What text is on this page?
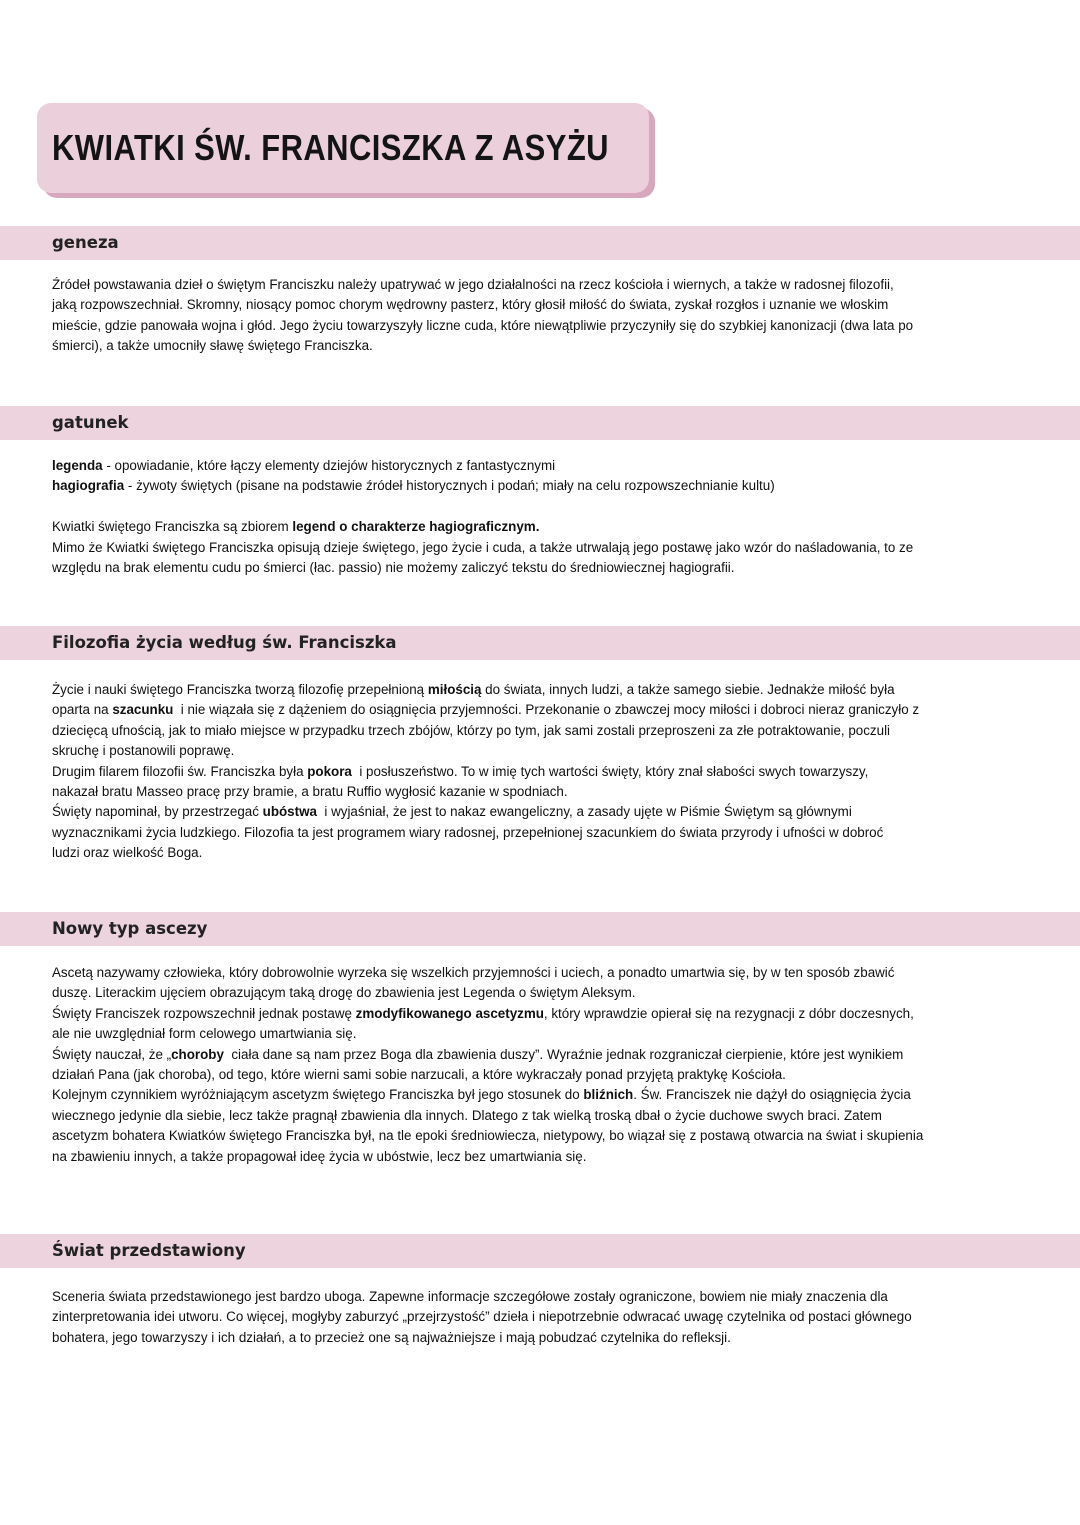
KWIATKI ŚW. FRANCISZKA Z ASYŻU
geneza
Źródeł powstawania dzieł o świętym Franciszku należy upatrywać w jego działalności na rzecz kościoła i wiernych, a także w radosnej filozofii,
jaką rozpowszechniał. Skromny, niosący pomoc chorym wędrowny pasterz, który głosił miłość do świata, zyskał rozgłos i uznanie we włoskim
mieście, gdzie panowała wojna i głód. Jego życiu towarzyszyły liczne cuda, które niewątpliwie przyczyniły się do szybkiej kanonizacji (dwa lata po
śmierci), a także umocniły sławę świętego Franciszka.
gatunek
legenda - opowiadanie, które łączy elementy dziejów historycznych z fantastycznymi
hagiografia - żywoty świętych (pisane na podstawie źródeł historycznych i podań; miały na celu rozpowszechnianie kultu)
Kwiatki świętego Franciszka są zbiorem legend o charakterze hagiograficznym.
Mimo że Kwiatki świętego Franciszka opisują dzieje świętego, jego życie i cuda, a także utrwalają jego postawę jako wzór do naśladowania, to ze
względu na brak elementu cudu po śmierci (łac. passio) nie możemy zaliczyć tekstu do średniowiecznej hagiografii.
Filozofia życia według św. Franciszka
Życie i nauki świętego Franciszka tworzą filozofię przepełnioną miłością do świata, innych ludzi, a także samego siebie. Jednakże miłość była
oparta na szacunku  i nie wiązała się z dążeniem do osiągnięcia przyjemności. Przekonanie o zbawczej mocy miłości i dobroci nieraz graniczyło z
dziecięcą ufnością, jak to miało miejsce w przypadku trzech zbójów, którzy po tym, jak sami zostali przeproszeni za złe potraktowanie, poczuli
skruchę i postanowili poprawę.
Drugim filarem filozofii św. Franciszka była pokora  i posłuszeństwo. To w imię tych wartości święty, który znał słabości swych towarzyszy,
nakazał bratu Masseo pracę przy bramie, a bratu Ruffio wygłosić kazanie w spodniach.
Święty napominał, by przestrzegać ubóstwa  i wyjaśniał, że jest to nakaz ewangeliczny, a zasady ujęte w Piśmie Świętym są głównymi
wyznacznikami życia ludzkiego. Filozofia ta jest programem wiary radosnej, przepełnionej szacunkiem do świata przyrody i ufności w dobroć
ludzi oraz wielkość Boga.
Nowy typ ascezy
Ascetą nazywamy człowieka, który dobrowolnie wyrzeka się wszelkich przyjemności i uciech, a ponadto umartwia się, by w ten sposób zbawić
duszę. Literackim ujęciem obrazującym taką drogę do zbawienia jest Legenda o świętym Aleksym.
Święty Franciszek rozpowszechnił jednak postawę zmodyfikowanego ascetyzmu, który wprawdzie opierał się na rezygnacji z dóbr doczesnych,
ale nie uwzględniał form celowego umartwiania się.
Święty nauczał, że „choroby  ciała dane są nam przez Boga dla zbawienia duszy”. Wyraźnie jednak rozgraniczał cierpienie, które jest wynikiem
działań Pana (jak choroba), od tego, które wierni sami sobie narzucali, a które wykraczały ponad przyjętą praktykę Kościoła.
Kolejnym czynnikiem wyróżniającym ascetyzm świętego Franciszka był jego stosunek do bliźnich. Św. Franciszek nie dążył do osiągnięcia życia
wiecznego jedynie dla siebie, lecz także pragnął zbawienia dla innych. Dlatego z tak wielką troską dbał o życie duchowe swych braci. Zatem
ascetyzm bohatera Kwiatków świętego Franciszka był, na tle epoki średniowiecza, nietypowy, bo wiązał się z postawą otwarcia na świat i skupienia
na zbawieniu innych, a także propagował ideę życia w ubóstwie, lecz bez umartwiania się.
Świat przedstawiony
Sceneria świata przedstawionego jest bardzo uboga. Zapewne informacje szczegółowe zostały ograniczone, bowiem nie miały znaczenia dla
zinterpretowania idei utworu. Co więcej, mogłyby zaburzyć „przejrzystość” dzieła i niepotrzebnie odwracać uwagę czytelnika od postaci głównego
bohatera, jego towarzyszy i ich działań, a to przecież one są najważniejsze i mają pobudzać czytelnika do refleksji.
